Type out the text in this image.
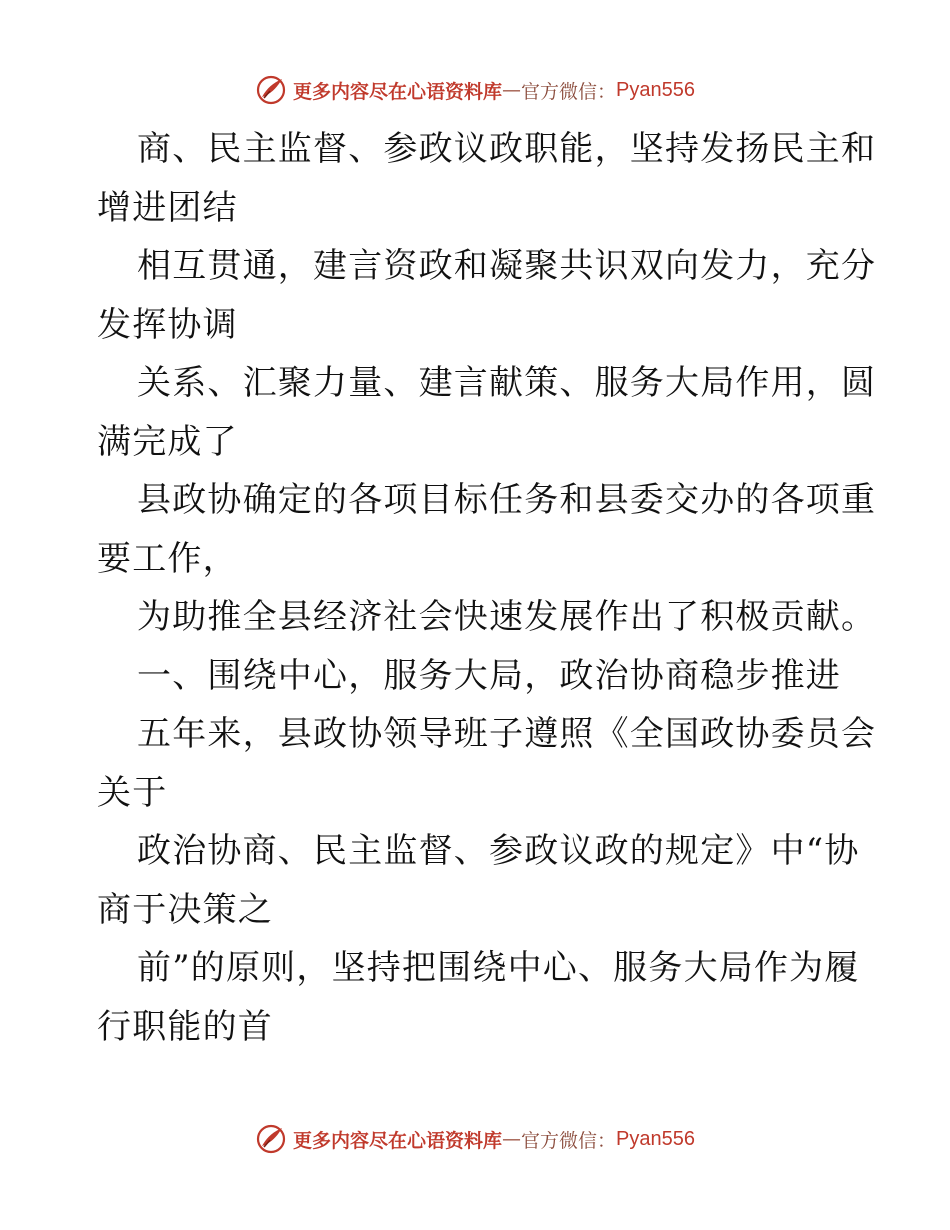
更多内容尽在心语资料库 — 官方微信： Pyan556
商、民主监督、参政议政职能，坚持发扬民主和
增进团结
相互贯通，建言资政和凝聚共识双向发力，充分
发挥协调
关系、汇聚力量、建言献策、服务大局作用，圆
满完成了
县政协确定的各项目标任务和县委交办的各项重
要工作，
为助推全县经济社会快速发展作出了积极贡献。
一、围绕中心，服务大局，政治协商稳步推进
五年来，县政协领导班子遵照《全国政协委员会
关于
政治协商、民主监督、参政议政的规定》中“协
商于决策之
前”的原则，坚持把围绕中心、服务大局作为履
行职能的首
更多内容尽在心语资料库 — 官方微信： Pyan556
